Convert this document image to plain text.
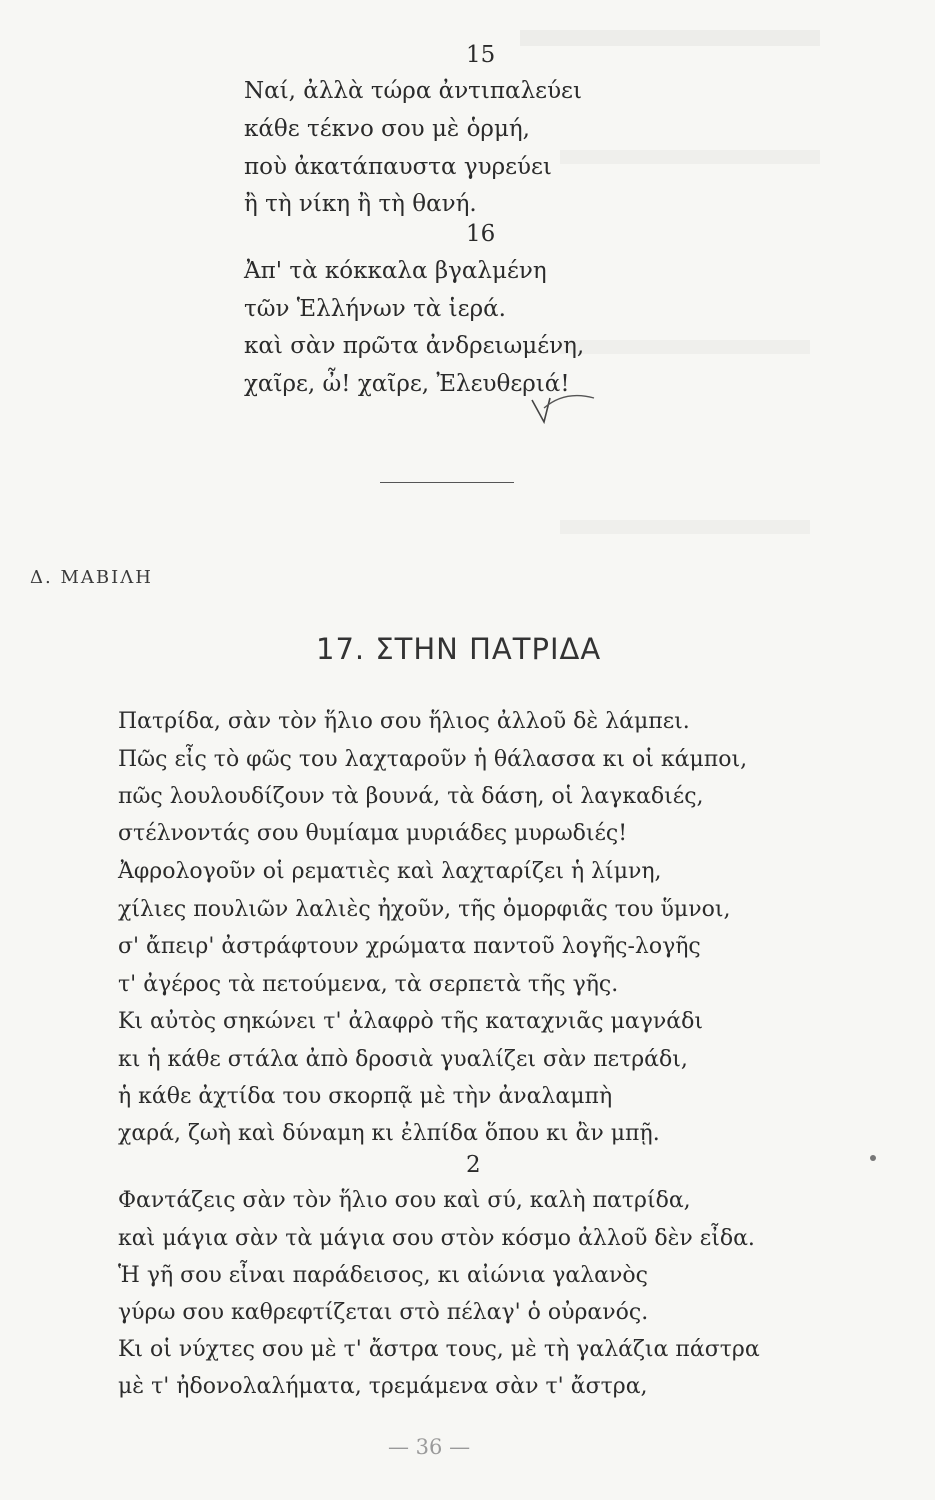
15
Ναί, ἀλλὰ τώρα ἀντιπαλεύει
κάθε τέκνο σου μὲ ὁρμή,
ποὺ ἀκατάπαυστα γυρεύει
ἢ τὴ νίκη ἢ τὴ θανή.
16
Ἀπ' τὰ κόκκαλα βγαλμένη
τῶν Ἑλλήνων τὰ ἱερά.
καὶ σὰν πρῶτα ἀνδρειωμένη,
χαῖρε, ὦ! χαῖρε, Ἐλευθεριά!
Δ. ΜΑΒΙΛΗ
17. ΣΤΗΝ ΠΑΤΡΙΔΑ
Πατρίδα, σὰν τὸν ἥλιο σου ἥλιος ἀλλοῦ δὲ λάμπει.
Πῶς εἶς τὸ φῶς του λαχταροῦν ἡ θάλασσα κι οἱ κάμποι,
πῶς λουλουδίζουν τὰ βουνά, τὰ δάση, οἱ λαγκαδιές,
στέλνοντάς σου θυμίαμα μυριάδες μυρωδιές!
Ἀφρολογοῦν οἱ ρεματιὲς καὶ λαχταρίζει ἡ λίμνη,
χίλιες πουλιῶν λαλιὲς ἠχοῦν, τῆς ὀμορφιᾶς του ὕμνοι,
σ' ἄπειρ' ἀστράφτουν χρώματα παντοῦ λογῆς-λογῆς
τ' ἀγέρος τὰ πετούμενα, τὰ σερπετὰ τῆς γῆς.
Κι αὐτὸς σηκώνει τ' ἀλαφρὸ τῆς καταχνιᾶς μαγνάδι
κι ἡ κάθε στάλα ἀπὸ δροσιὰ γυαλίζει σὰν πετράδι,
ἡ κάθε ἀχτίδα του σκορπᾷ μὲ τὴν ἀναλαμπὴ
χαρά, ζωὴ καὶ δύναμη κι ἐλπίδα ὅπου κι ἂν μπῇ.
2
Φαντάζεις σὰν τὸν ἥλιο σου καὶ σύ, καλὴ πατρίδα,
καὶ μάγια σὰν τὰ μάγια σου στὸν κόσμο ἀλλοῦ δὲν εἶδα.
Ἡ γῆ σου εἶναι παράδεισος, κι αἰώνια γαλανὸς
γύρω σου καθρεφτίζεται στὸ πέλαγ' ὁ οὐρανός.
Κι οἱ νύχτες σου μὲ τ' ἄστρα τους, μὲ τὴ γαλάζια πάστρα
μὲ τ' ἠδονολαλήματα, τρεμάμενα σὰν τ' ἄστρα,
— 36 —
